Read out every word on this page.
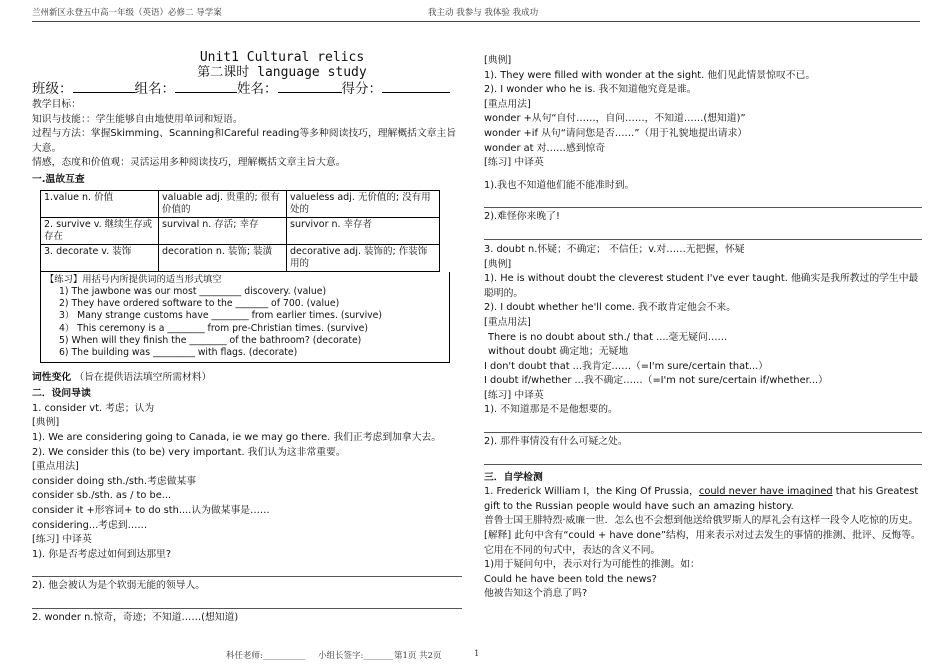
兰州新区永登五中高一年级（英语）必修二 导学案	我主动 我参与 我体验 我成功
Unit1 Cultural relics
第二课时 language study
班级：	组名：	姓名：	得分：
教学目标：
知识与技能：：学生能够自由地使用单词和短语。
过程与方法：掌握Skimming、Scanning和Careful reading等多种阅读技巧，理解概括文章主旨大意。
情感，态度和价值观：灵活运用多种阅读技巧，理解概括文章主旨大意。
一.温故互查
1.value n. 价值	valuable adj. 贵重的; 很有价值的	valueless adj. 无价值的; 没有用处的
2. survive v. 继续生存或存在	survival n. 存活; 幸存	survivor n. 幸存者
3. decorate v. 装饰	decoration n. 装饰; 装潢	decorative adj. 装饰的; 作装饰用的
【练习】用括号内所提供词的适当形式填空
1) The jawbone was our most _________ discovery. (value)
2) They have ordered software to the _______ of 700. (value)
3） Many strange customs have ________ from earlier times. (survive)
4） This ceremony is a ________ from pre-Christian times. (survive)
5) When will they finish the ________ of the bathroom? (decorate)
6) The building was _________ with flags. (decorate)
词性变化 （旨在提供语法填空所需材料）
二．设问导读
1. consider vt. 考虑；认为
[典例]
1). We are considering going to Canada, ie we may go there. 我们正考虑到加拿大去。
2). We consider this (to be) very important. 我们认为这非常重要。
[重点用法]
consider doing sth./sth.考虑做某事
consider sb./sth. as / to be...
consider it +形容词+ to do sth....认为做某事是……
considering...考虑到……
[练习] 中译英
1). 你是否考虑过如何到达那里?
2). 他会被认为是个软弱无能的领导人。
2. wonder n.惊奇，奇迹；不知道……(想知道)
[典例]
1). They were filled with wonder at the sight. 他们见此情景惊叹不已。
2). I wonder who he is. 我不知道他究竟是谁。
[重点用法]
wonder +从句“自付……，自问……，不知道……(想知道)”
wonder +if 从句“请问您是否……”（用于礼貌地提出请求）
wonder at 对……感到惊奇
[练习] 中译英
1).我也不知道他们能不能准时到。
2).难怪你来晚了!
3. doubt n.怀疑；不确定； 不信任；v.对……无把握，怀疑
[典例]
1). He is without doubt the cleverest student I've ever taught. 他确实是我所教过的学生中最聪明的。
2). I doubt whether he'll come. 我不敢肯定他会不来。
[重点用法]
There is no doubt about sth./ that ....毫无疑问……
without doubt 确定地；无疑地
I don't doubt that ...我肯定……（=I'm sure/certain that...）
I doubt if/whether ...我不确定……（=I'm not sure/certain if/whether...）
[练习] 中译英
1). 不知道那是不是他想要的。
2). 那件事情没有什么可疑之处。
三．自学检测
1. Frederick William I，the King Of Prussia，could never have imagined that his Greatest gift to the Russian people would have such an amazing history.
普鲁士国王腓特烈·威廉一世．怎么也不会想到他送给俄罗斯人的厚礼会有这样一段令人吃惊的历史。
[解释] 此句中含有“could + have done”结构，用来表示对过去发生的事情的推测、批评、反悔等。它用在不同的句式中，表达的含义不同。
1)用于疑问句中，表示对行为可能性的推测。如：
Could he have been told the news?
他被告知这个消息了吗?
科任老师:__________ 小组长签字:_______ 第1页 共2页	1
